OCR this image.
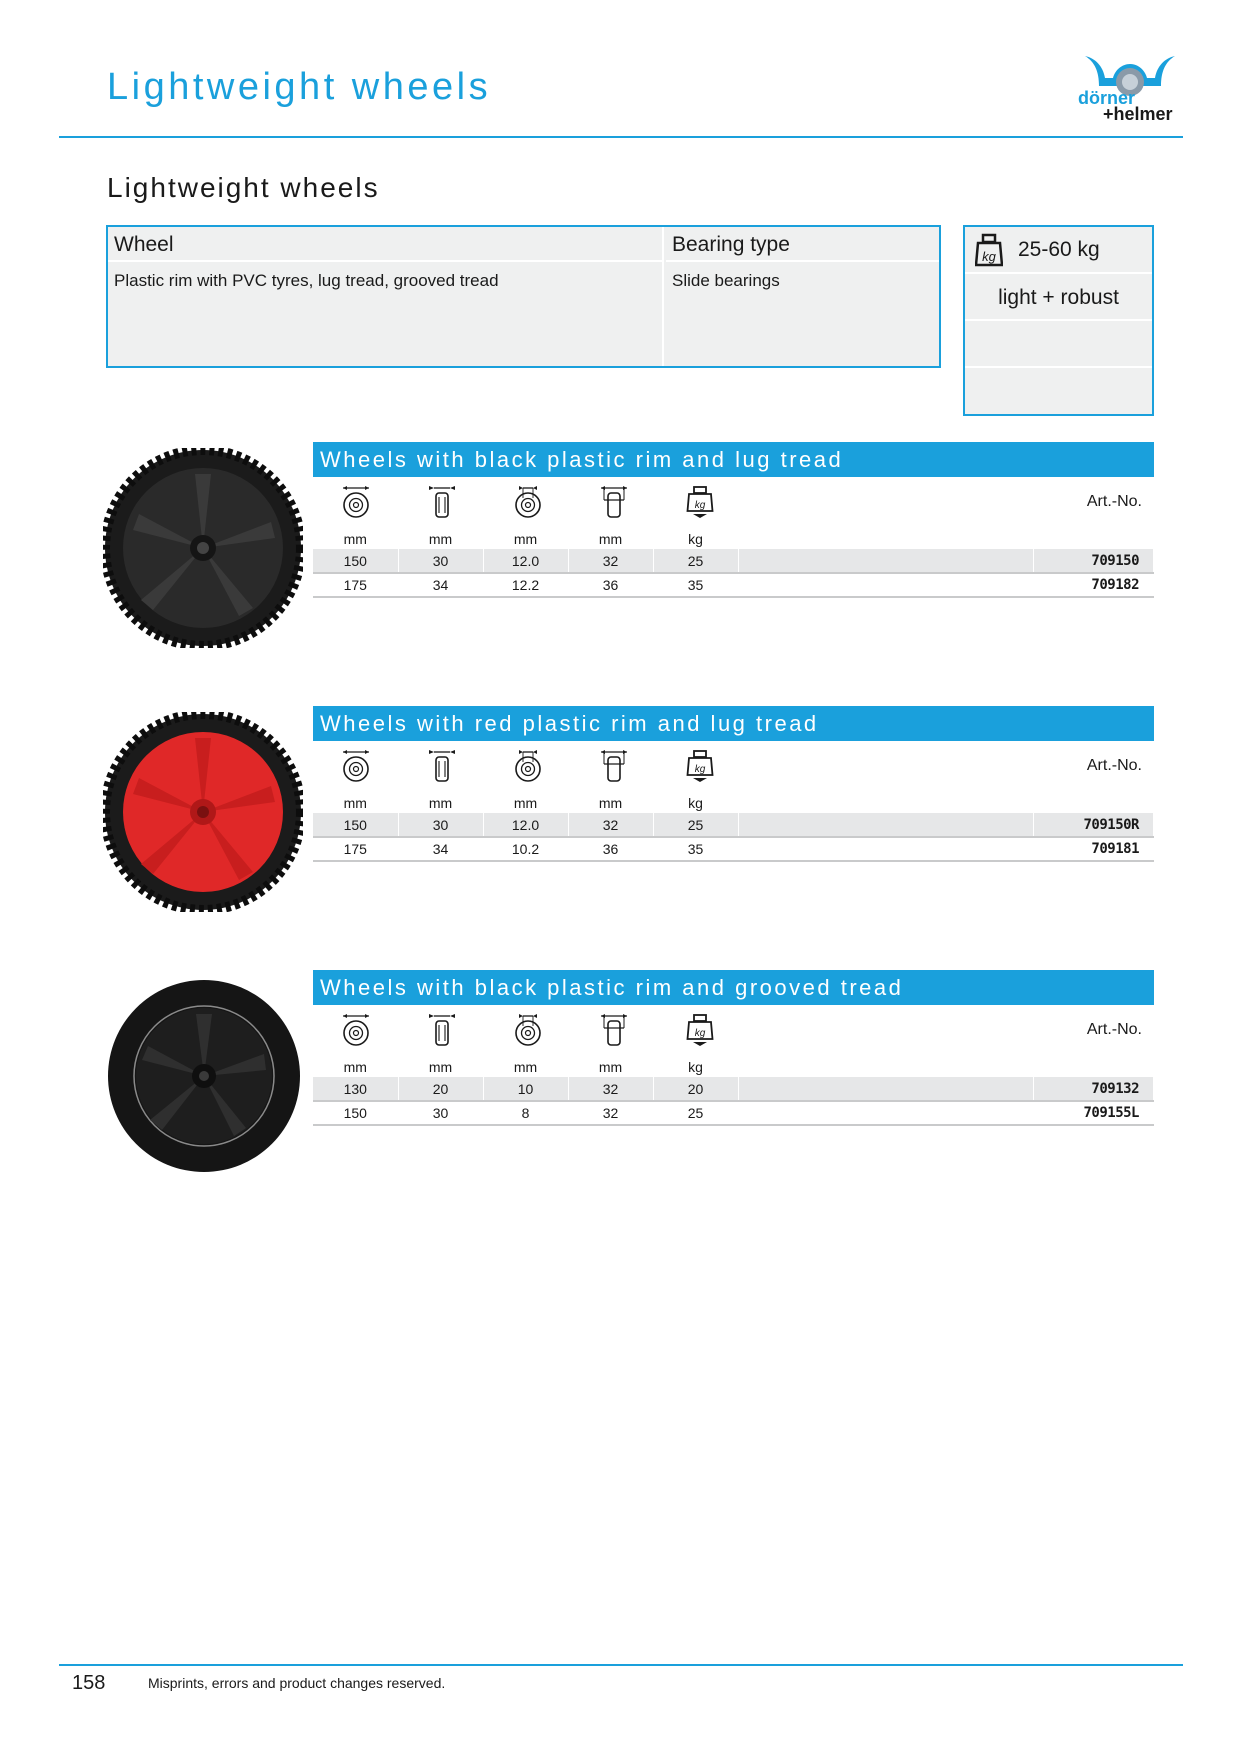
Lightweight wheels	dörner
+helmer
Lightweight wheels
Wheel
Plastic rim with PVC tyres, lug tread, grooved tread
Bearing type
Slide bearings
kg 25-60 kg
light + robust
Wheels with black plastic rim and lug tread
kg	Art.-No.
mm	mm	mm	mm	kg		
150	30	12.0	32	25		709150
175	34	12.2	36	35		709182
Wheels with red plastic rim and lug tread
kg	Art.-No.
mm	mm	mm	mm	kg		
150	30	12.0	32	25		709150R
175	34	10.2	36	35		709181
Wheels with black plastic rim and grooved tread
kg	Art.-No.
mm	mm	mm	mm	kg		
130	20	10	32	20		709132
150	30	8	32	25		709155L
158	Misprints, errors and product changes reserved.
